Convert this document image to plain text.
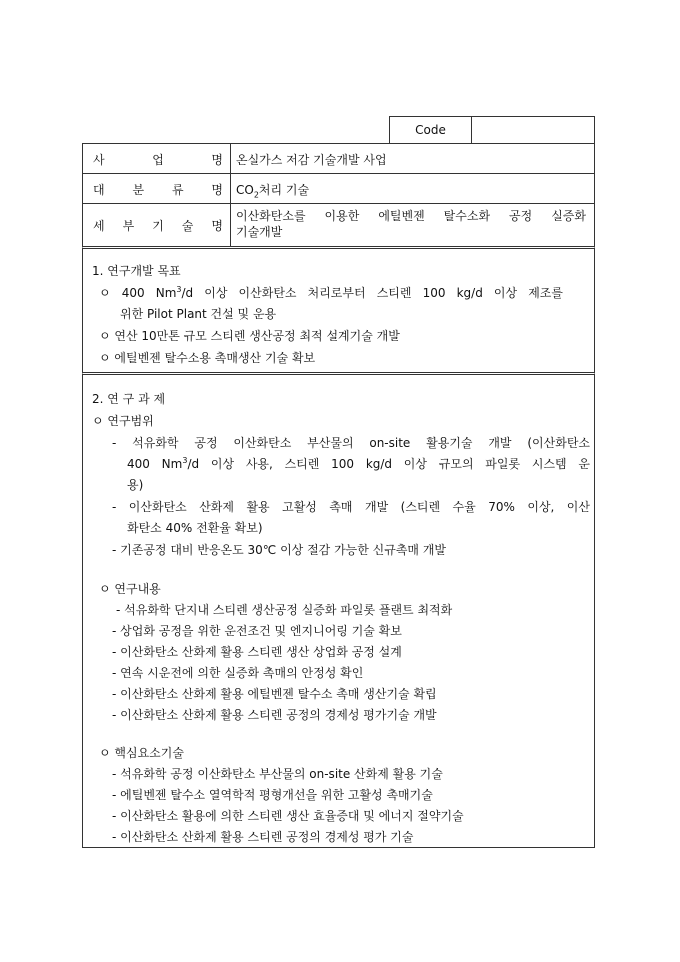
Code
사	업	명 온실가스 저감 기술개발 사업
대 분 류 명 $CO_2$처리 기술
세 부 기 술 명
이산화탄소를 이용한 에틸벤젠 탈수소화 공정 실증화
기술개발
1. 연구개발 목표
ㅇ 400 Nm$^3$/d 이상 이산화탄소 처리로부터 스티렌 100 kg/d 이상 제조를
위한 Pilot Plant 건설 및 운용
ㅇ 연산 10만톤 규모 스티렌 생산공정 최적 설계기술 개발
ㅇ 에틸벤젠 탈수소용 촉매생산 기술 확보
2. 연 구 과 제
ㅇ 연구범위
- 석유화학 공정 이산화탄소 부산물의 on-site 활용기술 개발 (이산화탄소
400 Nm$^3$/d 이상 사용, 스티렌 100 kg/d 이상 규모의 파일롯 시스템 운
용)
- 이산화탄소 산화제 활용 고활성 촉매 개발 (스티렌 수율 70% 이상, 이산
화탄소 40% 전환율 확보)
- 기존공정 대비 반응온도 30℃ 이상 절감 가능한 신규촉매 개발
ㅇ 연구내용
- 석유화학 단지내 스티렌 생산공정 실증화 파일롯 플랜트 최적화
- 상업화 공정을 위한 운전조건 및 엔지니어링 기술 확보
- 이산화탄소 산화제 활용 스티렌 생산 상업화 공정 설계
- 연속 시운전에 의한 실증화 촉매의 안정성 확인
- 이산화탄소 산화제 활용 에틸벤젠 탈수소 촉매 생산기술 확립
- 이산화탄소 산화제 활용 스티렌 공정의 경제성 평가기술 개발
ㅇ 핵심요소기술
- 석유화학 공정 이산화탄소 부산물의 on-site 산화제 활용 기술
- 에틸벤젠 탈수소 열역학적 평형개선을 위한 고활성 촉매기술
- 이산화탄소 활용에 의한 스티렌 생산 효율증대 및 에너지 절약기술
- 이산화탄소 산화제 활용 스티렌 공정의 경제성 평가 기술
